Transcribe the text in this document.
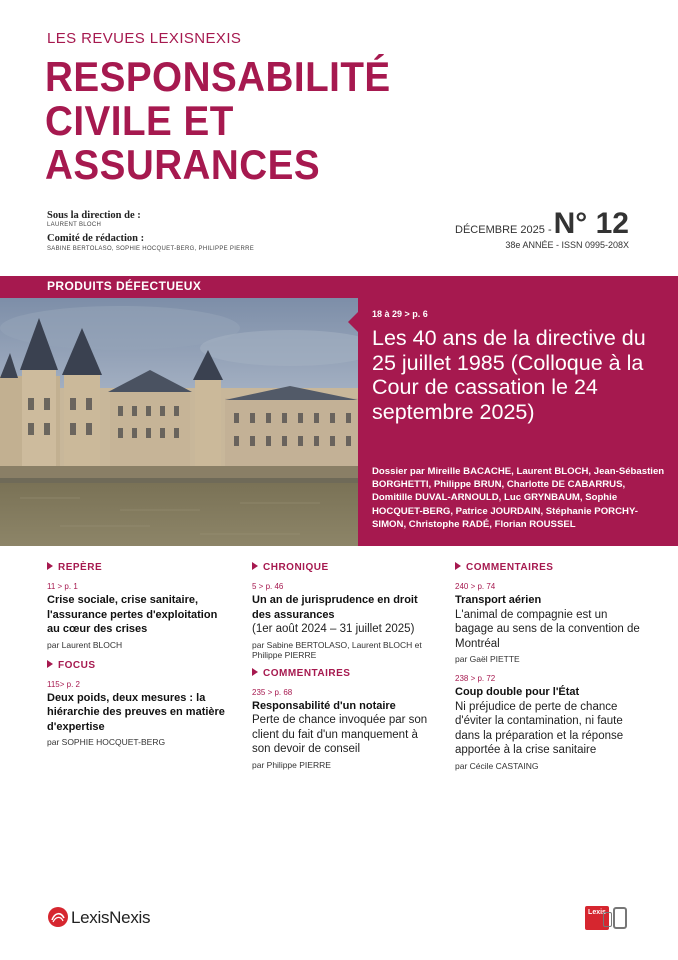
LES REVUES LEXISNEXIS
RESPONSABILITÉ
CIVILE ET
ASSURANCES
Sous la direction de :
LAURENT BLOCH
Comité de rédaction :
SABINE BERTOLASO, SOPHIE HOCQUET-BERG, PHILIPPE PIERRE
DÉCEMBRE 2025 -N° 12
38e ANNÉE - ISSN 0995-208X
PRODUITS DÉFECTUEUX
18 à 29 > p. 6
Les 40 ans de la directive du 25 juillet 1985 (Colloque à la Cour de cassation le 24 septembre 2025)
Dossier par Mireille BACACHE, Laurent BLOCH, Jean-Sébastien BORGHETTI, Philippe BRUN, Charlotte DE CABARRUS, Domitille DUVAL-ARNOULD, Luc GRYNBAUM, Sophie HOCQUET-BERG, Patrice JOURDAIN, Stéphanie PORCHY-SIMON, Christophe RADÉ, Florian ROUSSEL
REPÈRE
11 > p. 1
Crise sociale, crise sanitaire, l'assurance pertes d'exploitation au cœur des crises
par Laurent BLOCH
FOCUS
115> p. 2
Deux poids, deux mesures : la hiérarchie des preuves en matière d'expertise
par SOPHIE HOCQUET-BERG
CHRONIQUE
5 > p. 46
Un an de jurisprudence en droit des assurances
(1er août 2024 – 31 juillet 2025)
par Sabine BERTOLASO, Laurent BLOCH et Philippe PIERRE
COMMENTAIRES
235 > p. 68
Responsabilité d'un notaire
Perte de chance invoquée par son client du fait d'un manquement à son devoir de conseil
par Philippe PIERRE
COMMENTAIRES
240 > p. 74
Transport aérien
L'animal de compagnie est un bagage au sens de la convention de Montréal
par Gaël PIETTE
238 > p. 72
Coup double pour l'État
Ni préjudice de perte de chance d'éviter la contamination, ni faute dans la préparation et la réponse apportée à la crise sanitaire
par Cécile CASTAING
LexisNexis	Lexis
